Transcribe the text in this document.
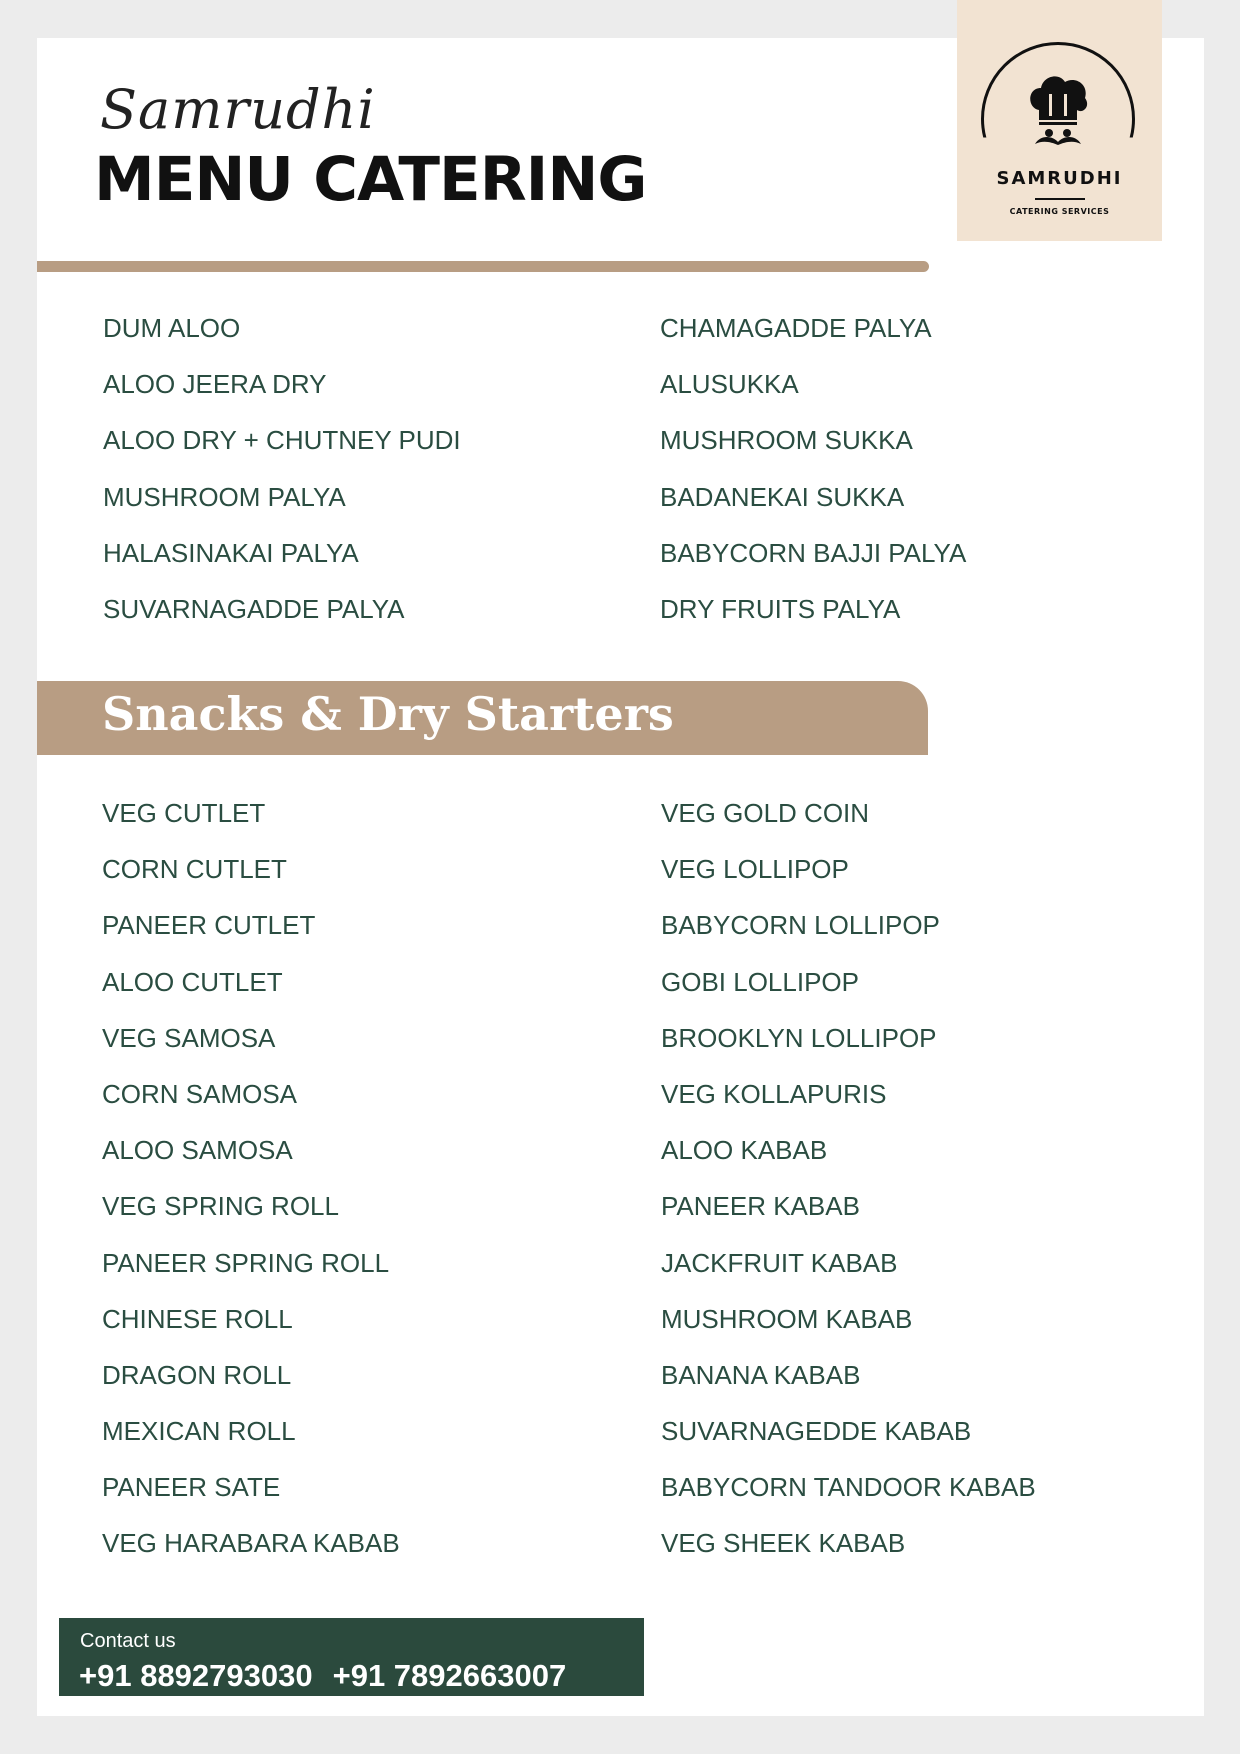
SAMRUDHI
CATERING SERVICES
Samrudhi
MENU CATERING
DUM ALOO
ALOO JEERA DRY
ALOO DRY + CHUTNEY PUDI
MUSHROOM PALYA
HALASINAKAI PALYA
SUVARNAGADDE PALYA
CHAMAGADDE PALYA
ALUSUKKA
MUSHROOM SUKKA
BADANEKAI SUKKA
BABYCORN BAJJI PALYA
DRY FRUITS PALYA
Snacks & Dry Starters
VEG CUTLET
CORN CUTLET
PANEER CUTLET
ALOO CUTLET
VEG SAMOSA
CORN SAMOSA
ALOO SAMOSA
VEG SPRING ROLL
PANEER SPRING ROLL
CHINESE ROLL
DRAGON ROLL
MEXICAN ROLL
PANEER SATE
VEG HARABARA KABAB
VEG GOLD COIN
VEG LOLLIPOP
BABYCORN LOLLIPOP
GOBI LOLLIPOP
BROOKLYN LOLLIPOP
VEG KOLLAPURIS
ALOO KABAB
PANEER KABAB
JACKFRUIT KABAB
MUSHROOM KABAB
BANANA KABAB
SUVARNAGEDDE KABAB
BABYCORN TANDOOR KABAB
VEG SHEEK KABAB
Contact us
+91 8892793030 +91 7892663007
